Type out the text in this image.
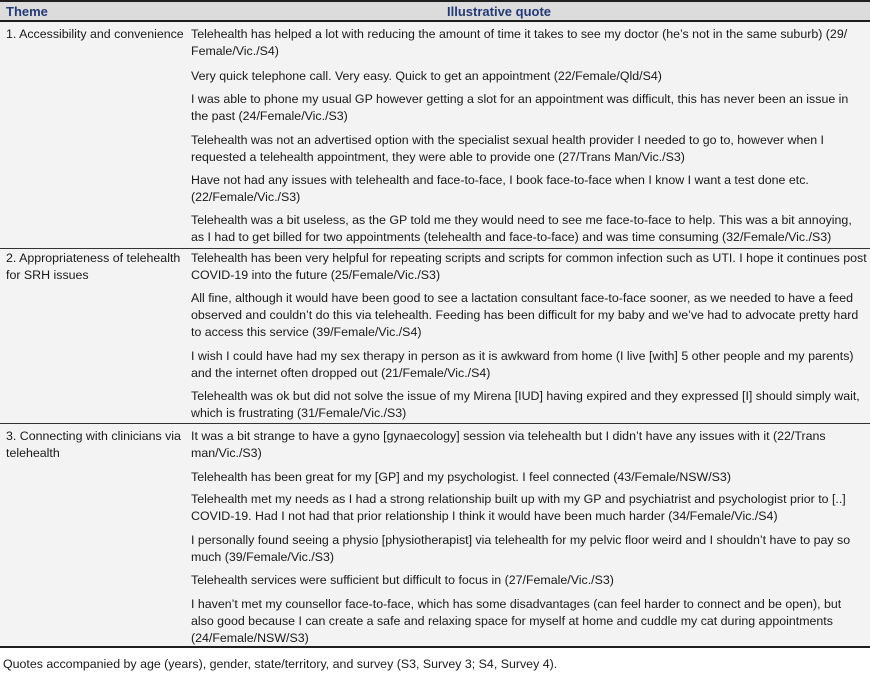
Theme	Illustrative quote
1. Accessibility and convenience Telehealth has helped a lot with reducing the amount of time it takes to see my doctor (he’s not in the same suburb) (29/ Female/Vic./S4)
Very quick telephone call. Very easy. Quick to get an appointment (22/Female/Qld/S4)
I was able to phone my usual GP however getting a slot for an appointment was difficult, this has never been an issue in the past (24/Female/Vic./S3)
Telehealth was not an advertised option with the specialist sexual health provider I needed to go to, however when I requested a telehealth appointment, they were able to provide one (27/Trans Man/Vic./S3)
Have not had any issues with telehealth and face-to-face, I book face-to-face when I know I want a test done etc. (22/Female/Vic./S3)
Telehealth was a bit useless, as the GP told me they would need to see me face-to-face to help. This was a bit annoying, as I had to get billed for two appointments (telehealth and face-to-face) and was time consuming (32/Female/Vic./S3)
2. Appropriateness of telehealth for SRH issues
Telehealth has been very helpful for repeating scripts and scripts for common infection such as UTI. I hope it continues post COVID-19 into the future (25/Female/Vic./S3)
All fine, although it would have been good to see a lactation consultant face-to-face sooner, as we needed to have a feed observed and couldn’t do this via telehealth. Feeding has been difficult for my baby and we’ve had to advocate pretty hard to access this service (39/Female/Vic./S4)
I wish I could have had my sex therapy in person as it is awkward from home (I live [with] 5 other people and my parents) and the internet often dropped out (21/Female/Vic./S4)
Telehealth was ok but did not solve the issue of my Mirena [IUD] having expired and they expressed [I] should simply wait, which is frustrating (31/Female/Vic./S3)
3. Connecting with clinicians via telehealth
It was a bit strange to have a gyno [gynaecology] session via telehealth but I didn’t have any issues with it (22/Trans man/Vic./S3)
Telehealth has been great for my [GP] and my psychologist. I feel connected (43/Female/NSW/S3)
Telehealth met my needs as I had a strong relationship built up with my GP and psychiatrist and psychologist prior to [..] COVID-19. Had I not had that prior relationship I think it would have been much harder (34/Female/Vic./S4)
I personally found seeing a physio [physiotherapist] via telehealth for my pelvic floor weird and I shouldn’t have to pay so much (39/Female/Vic./S3)
Telehealth services were sufficient but difficult to focus in (27/Female/Vic./S3)
I haven’t met my counsellor face-to-face, which has some disadvantages (can feel harder to connect and be open), but also good because I can create a safe and relaxing space for myself at home and cuddle my cat during appointments (24/Female/NSW/S3)
Quotes accompanied by age (years), gender, state/territory, and survey (S3, Survey 3; S4, Survey 4).
